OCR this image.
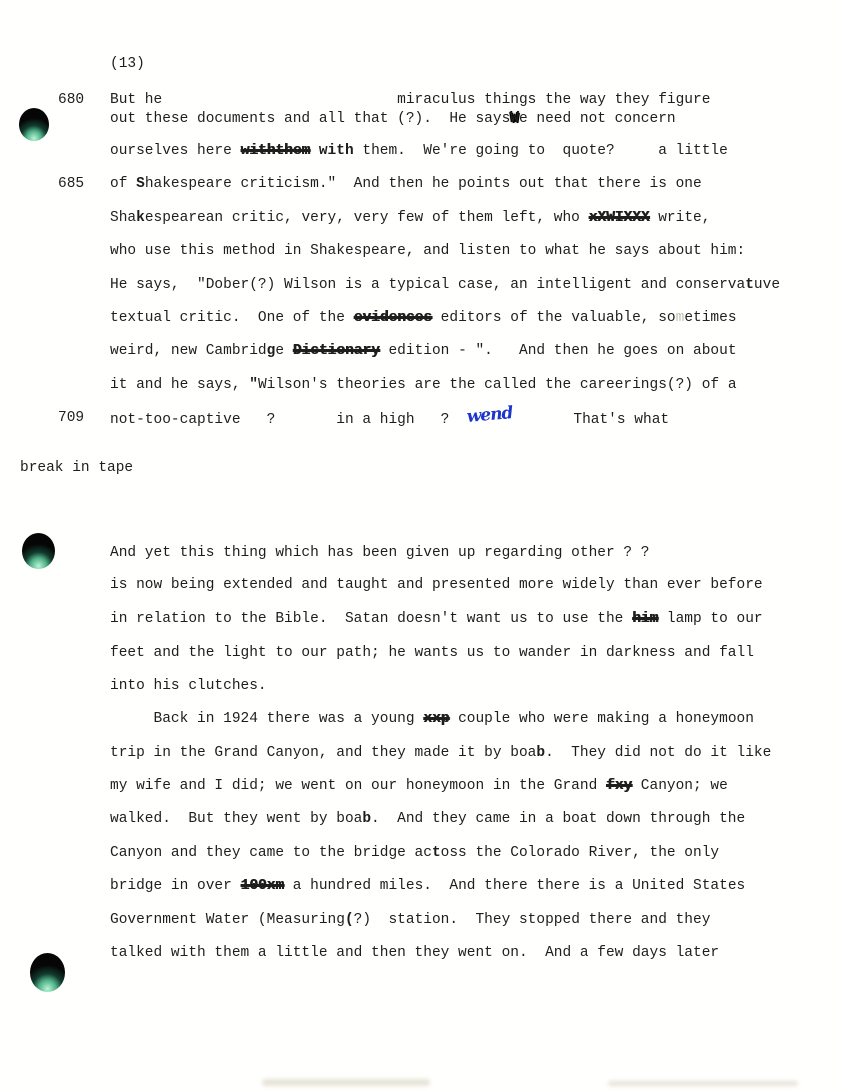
(13)
680	But he                           miraculus things the way they figure
out these documents and all that (?).  He saysWe need not concern
ourselves here withthem with them.  We're going to  quote?     a little
685	of Shakespeare criticism."  And then he points out that there is one
Shakespearean critic, very, very few of them left, who xXWIXXX write,
who use this method in Shakespeare, and listen to what he says about him:
He says,  "Dober(?) Wilson is a typical case, an intelligent and conservatuve
textual critic.  One of the evidences editors of the valuable, sometimes
weird, new Cambridge Dictionary edition - ".   And then he goes on about
it and he says, "Wilson's theories are the called the careerings(?) of a
709	not-too-captive   ?       in a high   ?  wend       That's what
break in tape
And yet this thing which has been given up regarding other ? ?
is now being extended and taught and presented more widely than ever before
in relation to the Bible.  Satan doesn't want us to use the him lamp to our
feet and the light to our path; he wants us to wander in darkness and fall
into his clutches.
Back in 1924 there was a young xxp couple who were making a honeymoon
trip in the Grand Canyon, and they made it by boab.  They did not do it like
my wife and I did; we went on our honeymoon in the Grand fxy Canyon; we
walked.  But they went by boab.  And they came in a boat down through the
Canyon and they came to the bridge actoss the Colorado River, the only
bridge in over 100xm a hundred miles.  And there there is a United States
Government Water (Measuring(?)  station.  They stopped there and they
talked with them a little and then they went on.  And a few days later
